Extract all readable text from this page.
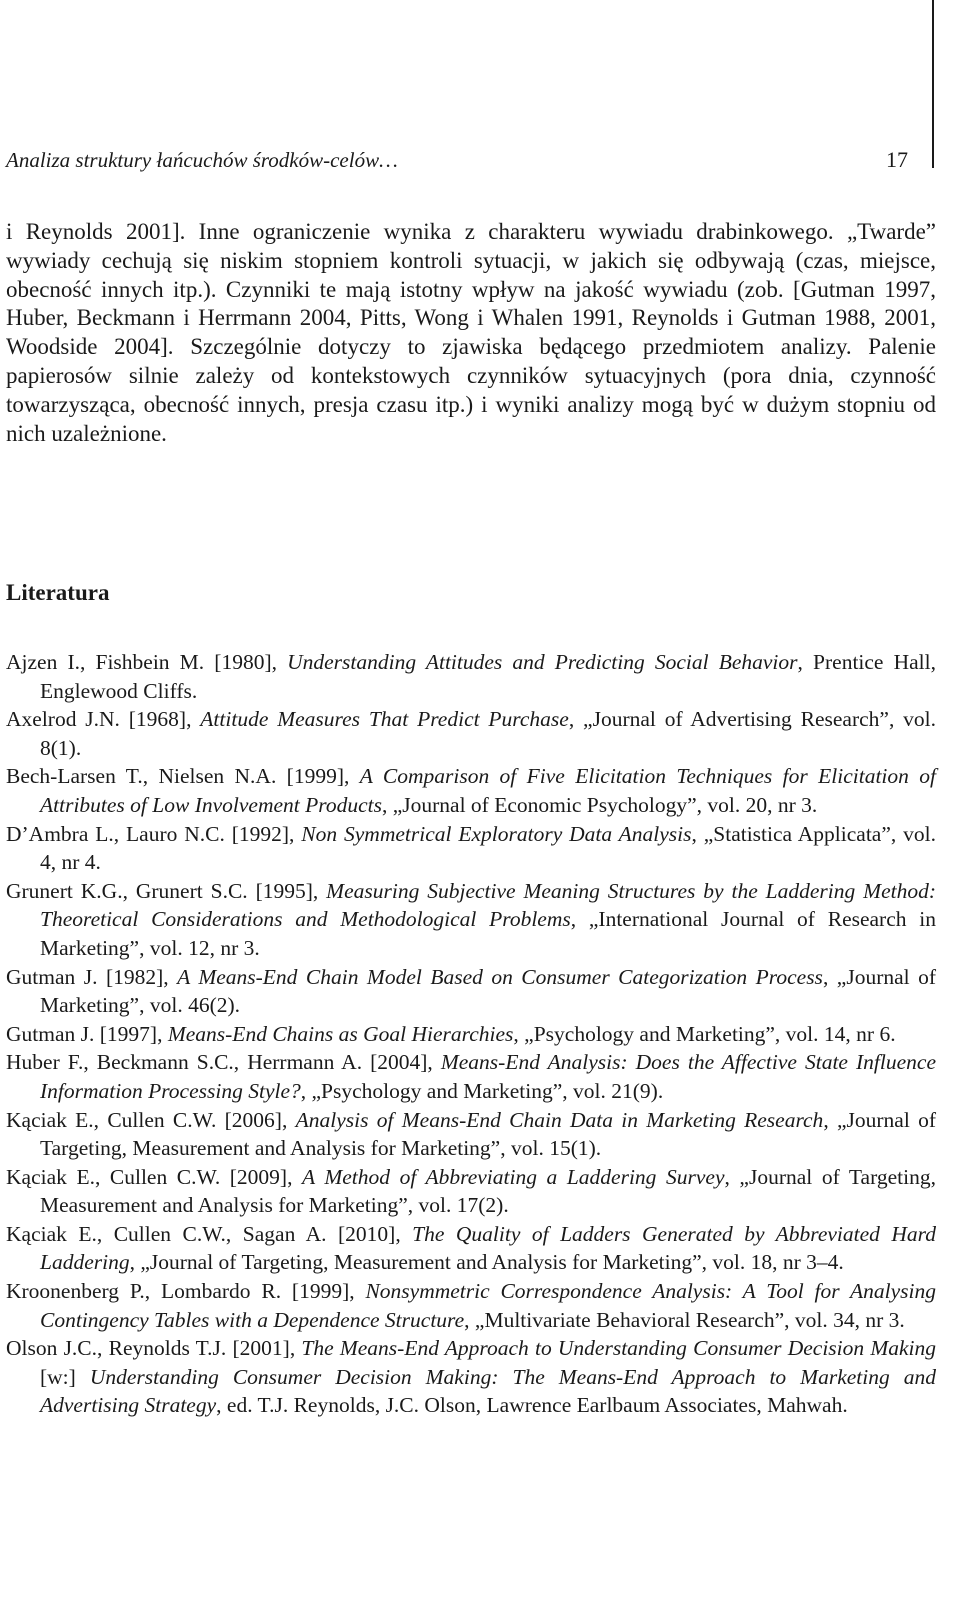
Analiza struktury łańcuchów środków-celów…	17

i Reynolds 2001]. Inne ograniczenie wynika z charakteru wywiadu drabinkowego. „Twarde” wywiady cechują się niskim stopniem kontroli sytuacji, w jakich się odbywają (czas, miejsce, obecność innych itp.). Czynniki te mają istotny wpływ na jakość wywiadu (zob. [Gutman 1997, Huber, Beckmann i Herrmann 2004, Pitts, Wong i Whalen 1991, Reynolds i Gutman 1988, 2001, Woodside 2004]. Szczególnie dotyczy to zjawiska będącego przedmiotem analizy. Palenie papierosów silnie zależy od kontekstowych czynników sytuacyjnych (pora dnia, czynność towarzysząca, obecność innych, presja czasu itp.) i wyniki analizy mogą być w dużym stopniu od nich uzależnione.

Literatura

Ajzen I., Fishbein M. [1980], Understanding Attitudes and Predicting Social Behavior, Prentice Hall, Englewood Cliffs.

Axelrod J.N. [1968], Attitude Measures That Predict Purchase, „Journal of Advertising Research”, vol. 8(1).

Bech-Larsen T., Nielsen N.A. [1999], A Comparison of Five Elicitation Techniques for Elicitation of Attributes of Low Involvement Products, „Journal of Economic Psychology”, vol. 20, nr 3.

D’Ambra L., Lauro N.C. [1992], Non Symmetrical Exploratory Data Analysis, „Statistica Applicata”, vol. 4, nr 4.

Grunert K.G., Grunert S.C. [1995], Measuring Subjective Meaning Structures by the Laddering Method: Theoretical Considerations and Methodological Problems, „International Journal of Research in Marketing”, vol. 12, nr 3.

Gutman J. [1982], A Means-End Chain Model Based on Consumer Categorization Process, „Journal of Marketing”, vol. 46(2).

Gutman J. [1997], Means-End Chains as Goal Hierarchies, „Psychology and Marketing”, vol. 14, nr 6.

Huber F., Beckmann S.C., Herrmann A. [2004], Means-End Analysis: Does the Affective State Influence Information Processing Style?, „Psychology and Marketing”, vol. 21(9).

Kąciak E., Cullen C.W. [2006], Analysis of Means-End Chain Data in Marketing Research, „Journal of Targeting, Measurement and Analysis for Marketing”, vol. 15(1).

Kąciak E., Cullen C.W. [2009], A Method of Abbreviating a Laddering Survey, „Journal of Targeting, Measurement and Analysis for Marketing”, vol. 17(2).

Kąciak E., Cullen C.W., Sagan A. [2010], The Quality of Ladders Generated by Abbreviated Hard Laddering, „Journal of Targeting, Measurement and Analysis for Marketing”, vol. 18, nr 3–4.

Kroonenberg P., Lombardo R. [1999], Nonsymmetric Correspondence Analysis: A Tool for Analysing Contingency Tables with a Dependence Structure, „Multivariate Behavioral Research”, vol. 34, nr 3.

Olson J.C., Reynolds T.J. [2001], The Means-End Approach to Understanding Consumer Decision Making [w:] Understanding Consumer Decision Making: The Means-End Approach to Marketing and Advertising Strategy, ed. T.J. Reynolds, J.C. Olson, Lawrence Earlbaum Associates, Mahwah.
